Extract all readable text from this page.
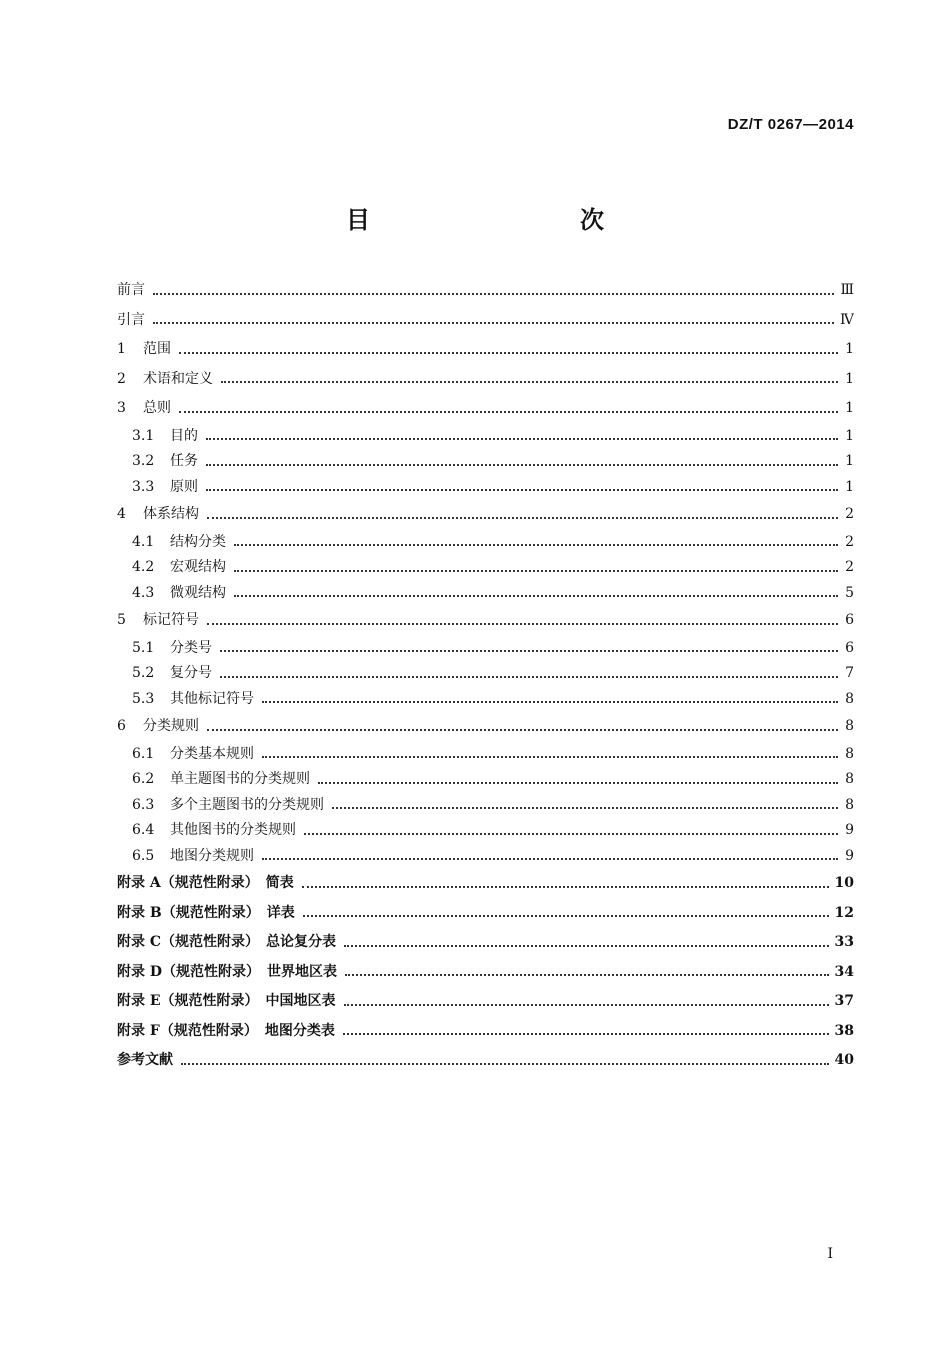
DZ/T 0267—2014
目　　次
前言	Ⅲ
引言	Ⅳ
1	范围	1
2	术语和定义	1
3	总则	1
3.1	目的	1
3.2	任务	1
3.3	原则	1
4	体系结构	2
4.1	结构分类	2
4.2	宏观结构	2
4.3	微观结构	5
5	标记符号	6
5.1	分类号	6
5.2	复分号	7
5.3	其他标记符号	8
6	分类规则	8
6.1	分类基本规则	8
6.2	单主题图书的分类规则	8
6.3	多个主题图书的分类规则	8
6.4	其他图书的分类规则	9
6.5	地图分类规则	9
附录 A（规范性附录）　简表	10
附录 B（规范性附录）　详表	12
附录 C（规范性附录）　总论复分表	33
附录 D（规范性附录）　世界地区表	34
附录 E（规范性附录）　中国地区表	37
附录 F（规范性附录）　地图分类表	38
参考文献	40
I
